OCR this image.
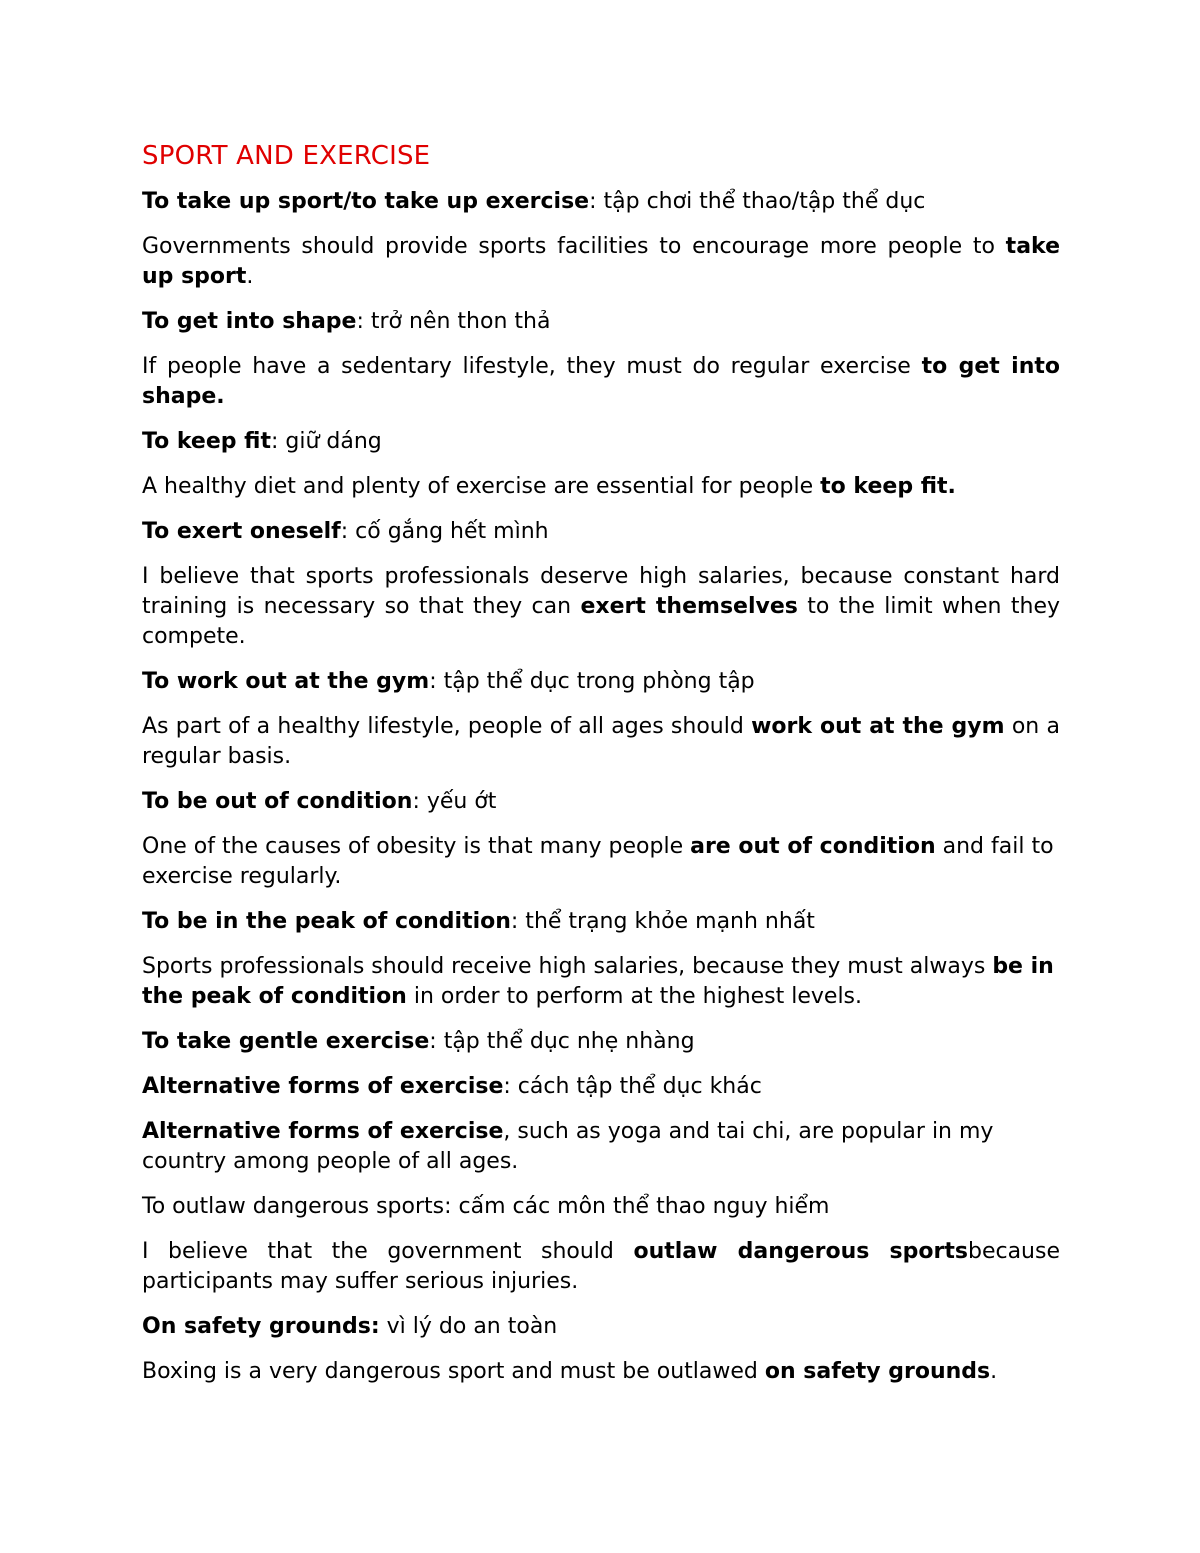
SPORT AND EXERCISE

To take up sport/to take up exercise: tập chơi thể thao/tập thể dục

Governments should provide sports facilities to encourage more people to take up sport.

To get into shape: trở nên thon thả

If people have a sedentary lifestyle, they must do regular exercise to get into shape.

To keep fit: giữ dáng

A healthy diet and plenty of exercise are essential for people to keep fit.

To exert oneself: cố gắng hết mình

I believe that sports professionals deserve high salaries, because constant hard training is necessary so that they can exert themselves to the limit when they compete.

To work out at the gym: tập thể dục trong phòng tập

As part of a healthy lifestyle, people of all ages should work out at the gym on a regular basis.

To be out of condition: yếu ớt

One of the causes of obesity is that many people are out of condition and fail to exercise regularly.

To be in the peak of condition: thể trạng khỏe mạnh nhất

Sports professionals should receive high salaries, because they must always be in the peak of condition in order to perform at the highest levels.

To take gentle exercise: tập thể dục nhẹ nhàng

Alternative forms of exercise: cách tập thể dục khác

Alternative forms of exercise, such as yoga and tai chi, are popular in my country among people of all ages.

To outlaw dangerous sports: cấm các môn thể thao nguy hiểm

I believe that the government should outlaw dangerous sportsbecause participants may suffer serious injuries.

On safety grounds: vì lý do an toàn

Boxing is a very dangerous sport and must be outlawed on safety grounds.
